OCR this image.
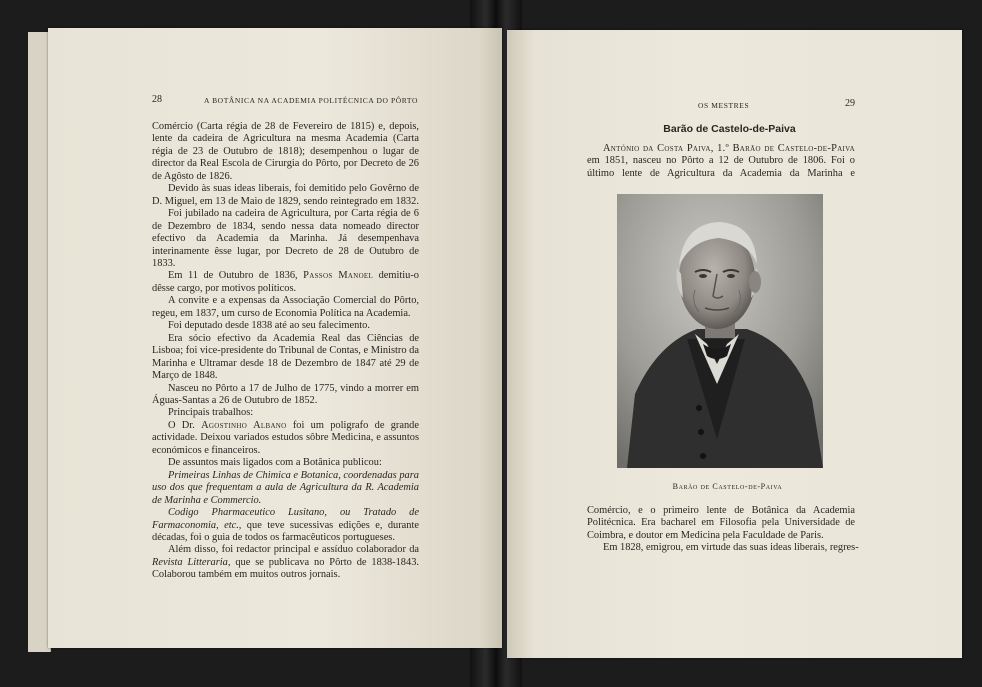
28	A BOTÂNICA NA ACADEMIA POLITÉCNICA DO PÔRTO

Comércio (Carta régia de 28 de Fevereiro de 1815) e, depois, lente da cadeira de Agricultura na mesma Academia (Carta régia de 23 de Outubro de 1818); desempenhou o lugar de director da Real Escola de Cirurgia do Pôrto, por Decreto de 26 de Agôsto de 1826.

Devido às suas ideas liberais, foi demitido pelo Govêrno de D. Miguel, em 13 de Maio de 1829, sendo reintegrado em 1832.

Foi jubilado na cadeira de Agricultura, por Carta régia de 6 de Dezembro de 1834, sendo nessa data nomeado director efectivo da Academia da Marinha. Já desempenhava interinamente êsse lugar, por Decreto de 28 de Outubro de 1833.

Em 11 de Outubro de 1836, Passos Manoel demitiu-o dêsse cargo, por motivos políticos.

A convite e a expensas da Associação Comercial do Pôrto, regeu, em 1837, um curso de Economia Política na Academia.

Foi deputado desde 1838 até ao seu falecimento.

Era sócio efectivo da Academia Real das Ciências de Lisboa; foi vice-presidente do Tribunal de Contas, e Ministro da Marinha e Ultramar desde 18 de Dezembro de 1847 até 29 de Março de 1848.

Nasceu no Pôrto a 17 de Julho de 1775, vindo a morrer em Águas-Santas a 26 de Outubro de 1852.

Principais trabalhos:

O Dr. Agostinho Albano foi um poligrafo de grande actividade. Deixou variados estudos sôbre Medicina, e assuntos económicos e financeiros.

De assuntos mais ligados com a Botânica publicou:

Primeiras Linhas de Chimica e Botanica, coordenadas para uso dos que frequentam a aula de Agricultura da R. Academia de Marinha e Commercio.

Codigo Pharmaceutico Lusitano, ou Tratado de Farmaconomia, etc., que teve sucessivas edições e, durante décadas, foi o guia de todos os farmacêuticos portugueses.

Além disso, foi redactor principal e assíduo colaborador da Revista Litteraria, que se publicava no Pôrto de 1838-1843. Colaborou também em muitos outros jornais.

OS MESTRES	29
Barão de Castelo-de-Paiva

António da Costa Paiva, 1.º Barão de Castelo-de-Paiva em 1851, nasceu no Pôrto a 12 de Outubro de 1806. Foi o último lente de Agricultura da Academia da Marinha e

Barão de Castelo-de-Paiva

Comércio, e o primeiro lente de Botânica da Academia Politécnica. Era bacharel em Filosofia pela Universidade de Coimbra, e doutor em Medicina pela Faculdade de Paris.

Em 1828, emigrou, em virtude das suas ideas liberais, regres-
